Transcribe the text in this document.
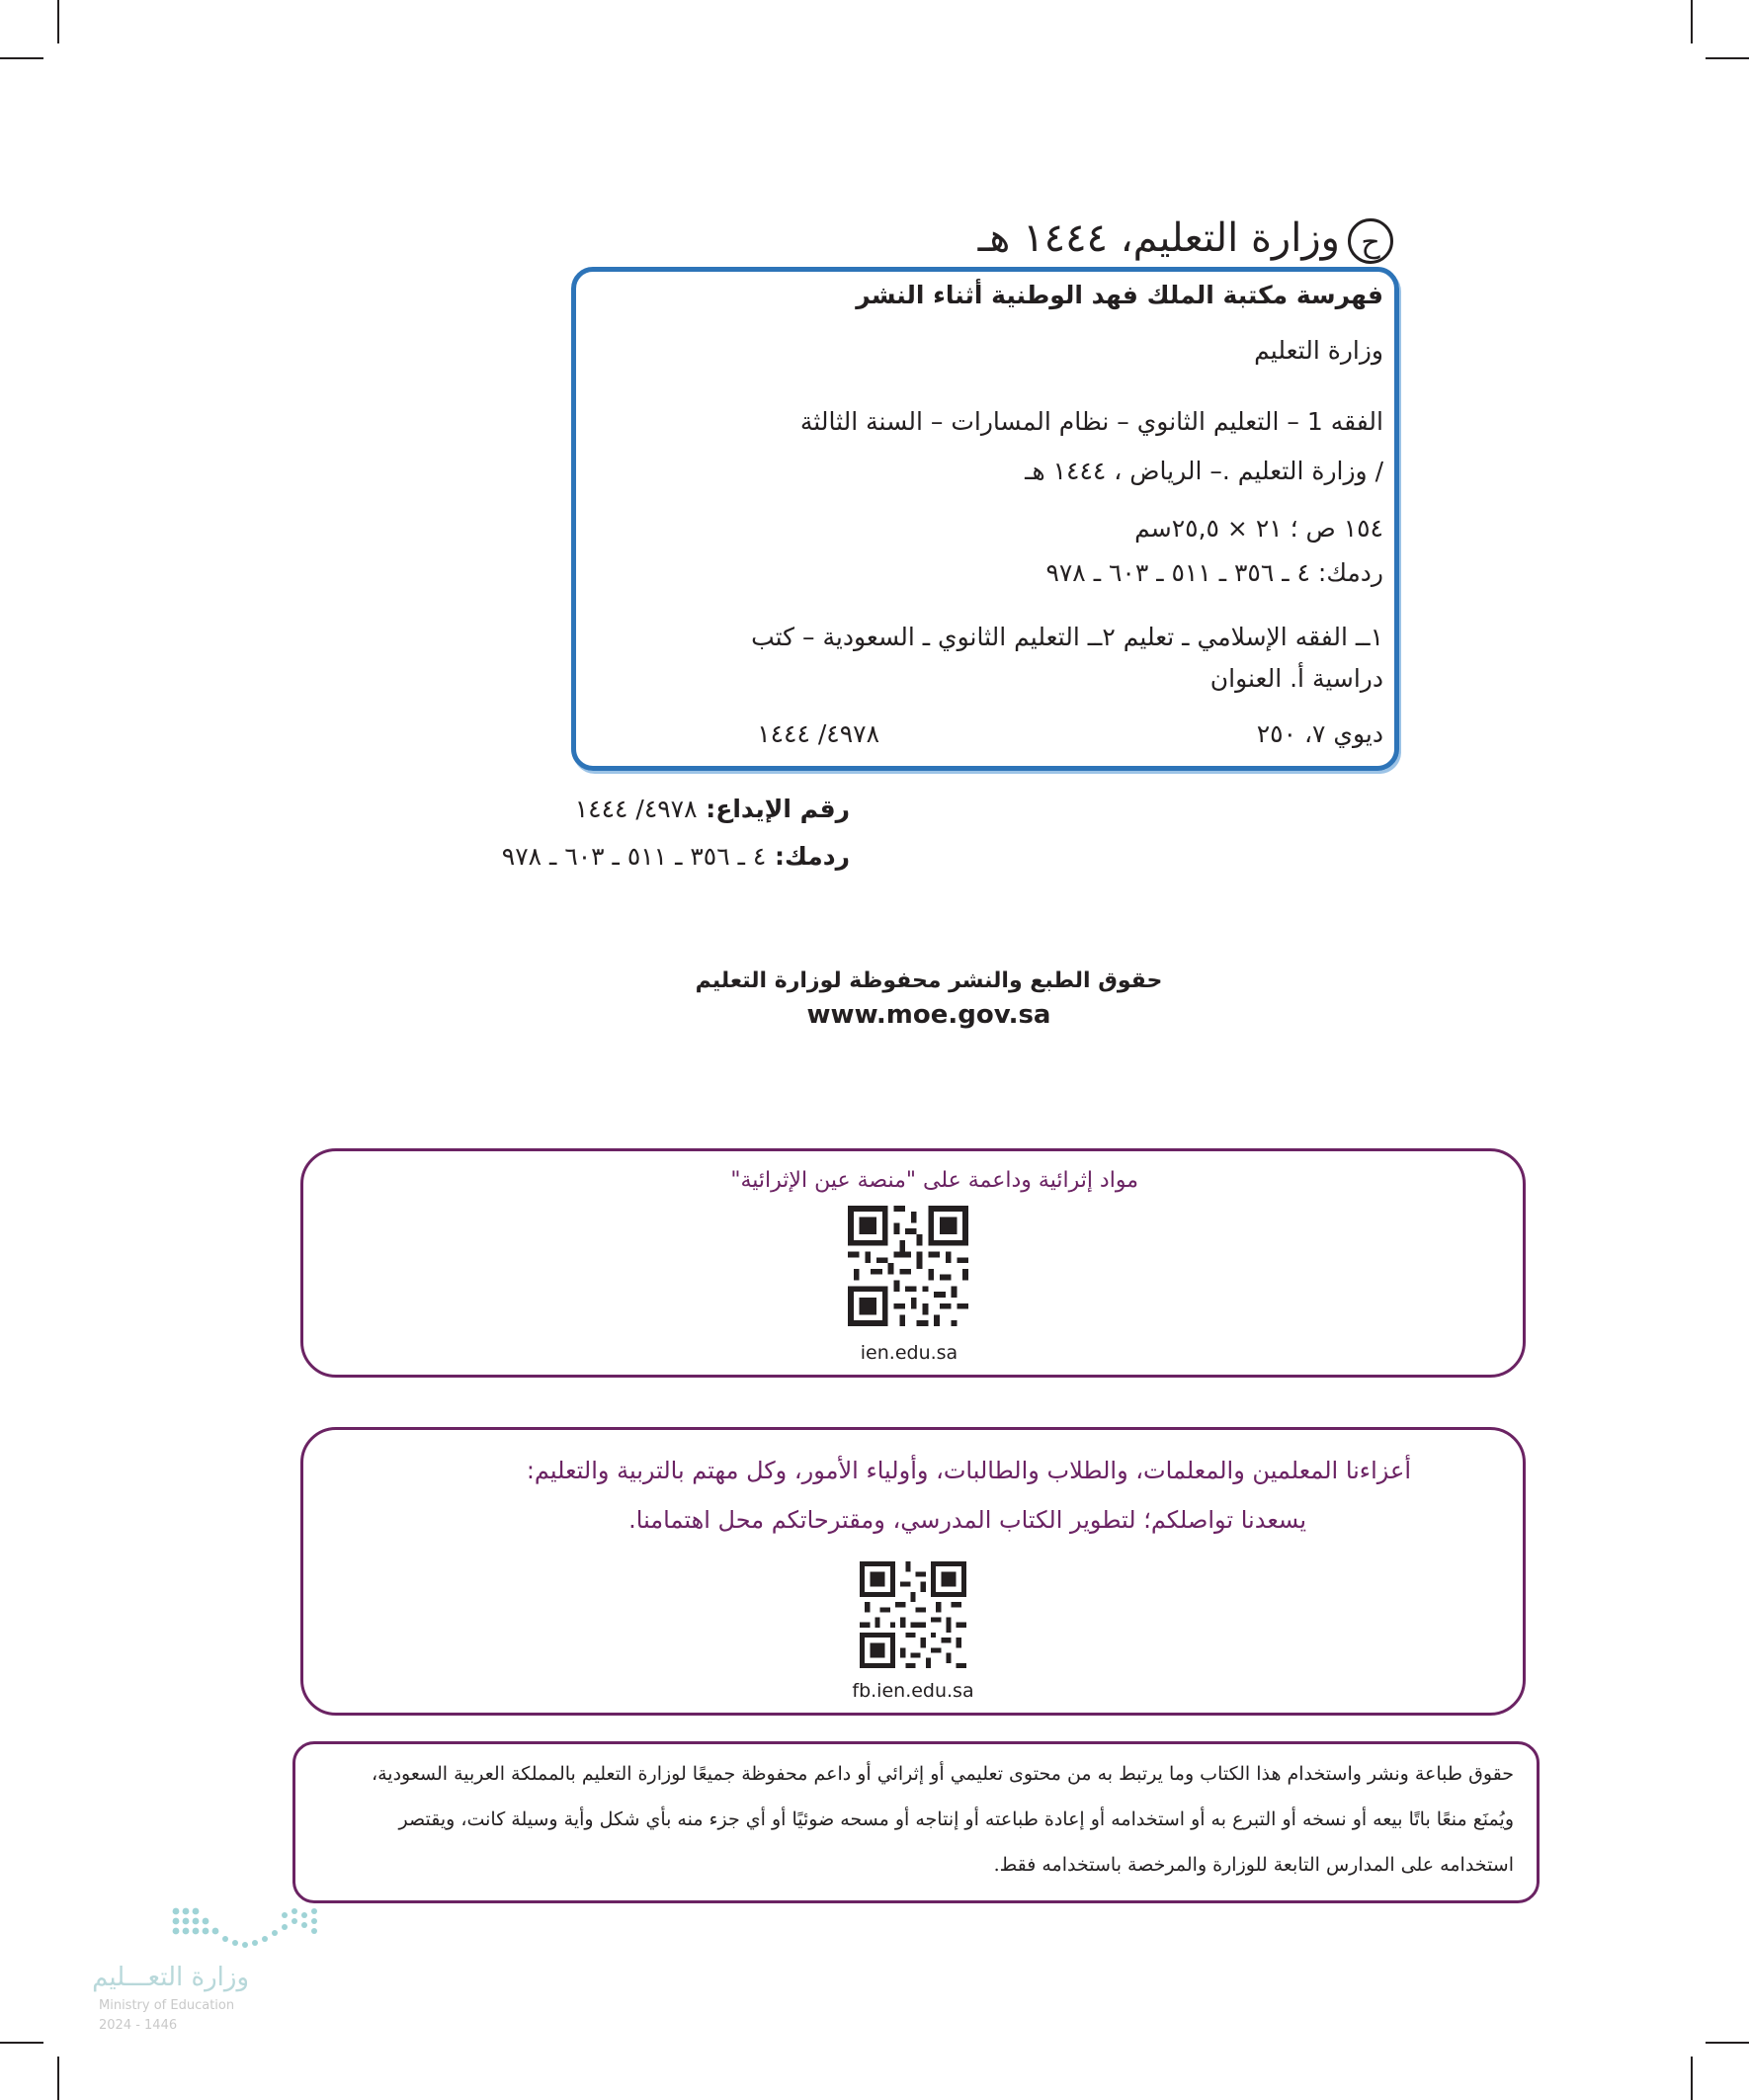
حوزارة التعليم، ١٤٤٤ هـ
فهرسة مكتبة الملك فهد الوطنية أثناء النشر
وزارة التعليم
الفقه 1 – التعليم الثانوي – نظام المسارات – السنة الثالثة
/ وزارة التعليم .– الرياض ، ١٤٤٤ هـ
١٥٤ ص ؛ ٢١ × ٢٥,٥سم
ردمك: ٤ ـ ٣٥٦ ـ ٥١١ ـ ٦٠٣ ـ ٩٧٨
١ــ الفقه الإسلامي ـ تعليم ٢ــ التعليم الثانوي ـ السعودية – كتب
دراسية أ. العنوان
ديوي ٧، ٢٥٠
٤٩٧٨/ ١٤٤٤
رقم الإيداع: ٤٩٧٨/ ١٤٤٤
ردمك: ٤ ـ ٣٥٦ ـ ٥١١ ـ ٦٠٣ ـ ٩٧٨
حقوق الطبع والنشر محفوظة لوزارة التعليم
www.moe.gov.sa
مواد إثرائية وداعمة على "منصة عين الإثرائية"
ien.edu.sa
أعزاءنا المعلمين والمعلمات، والطلاب والطالبات، وأولياء الأمور، وكل مهتم بالتربية والتعليم:
يسعدنا تواصلكم؛ لتطوير الكتاب المدرسي، ومقترحاتكم محل اهتمامنا.
fb.ien.edu.sa
حقوق طباعة ونشر واستخدام هذا الكتاب وما يرتبط به من محتوى تعليمي أو إثرائي أو داعم محفوظة جميعًا لوزارة التعليم بالمملكة العربية السعودية،
ويُمنَع منعًا باتًا بيعه أو نسخه أو التبرع به أو استخدامه أو إعادة طباعته أو إنتاجه أو مسحه ضوئيًا أو أي جزء منه بأي شكل وأية وسيلة كانت، ويقتصر
استخدامه على المدارس التابعة للوزارة والمرخصة باستخدامه فقط.
وزارة التعـــليم
Ministry of Education
2024 - 1446
